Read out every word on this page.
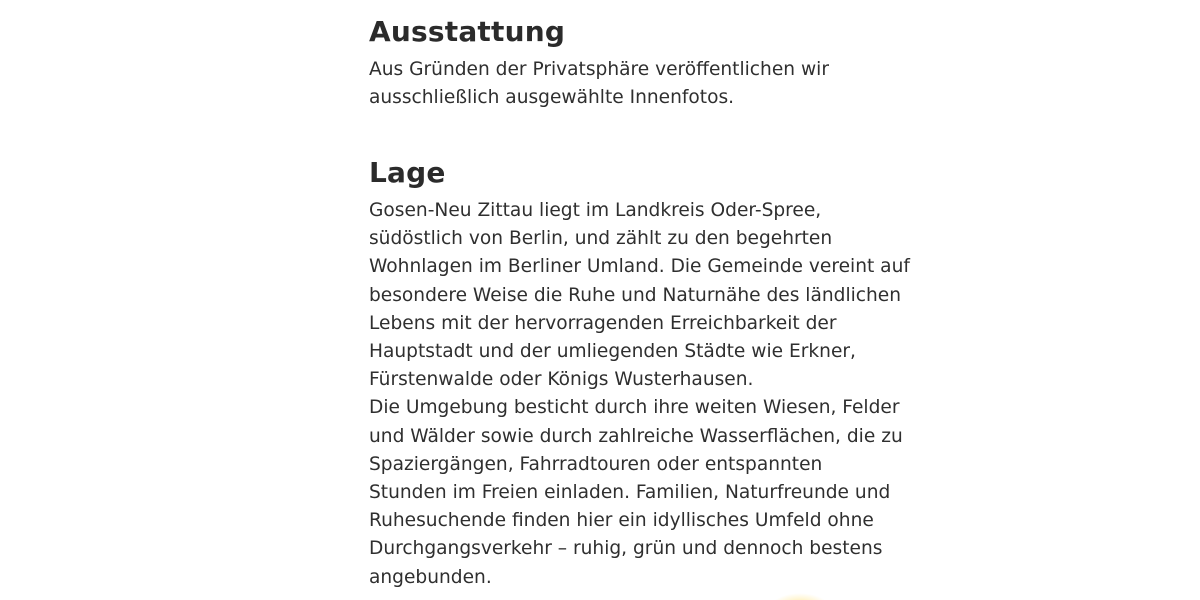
Ausstattung

Aus Gründen der Privatsphäre veröffentlichen wir
ausschließlich ausgewählte Innenfotos.

Lage

Gosen-Neu Zittau liegt im Landkreis Oder-Spree,
südöstlich von Berlin, und zählt zu den begehrten
Wohnlagen im Berliner Umland. Die Gemeinde vereint auf
besondere Weise die Ruhe und Naturnähe des ländlichen
Lebens mit der hervorragenden Erreichbarkeit der
Hauptstadt und der umliegenden Städte wie Erkner,
Fürstenwalde oder Königs Wusterhausen.
Die Umgebung besticht durch ihre weiten Wiesen, Felder
und Wälder sowie durch zahlreiche Wasserflächen, die zu
Spaziergängen, Fahrradtouren oder entspannten
Stunden im Freien einladen. Familien, Naturfreunde und
Ruhesuchende finden hier ein idyllisches Umfeld ohne
Durchgangsverkehr – ruhig, grün und dennoch bestens
angebunden.
